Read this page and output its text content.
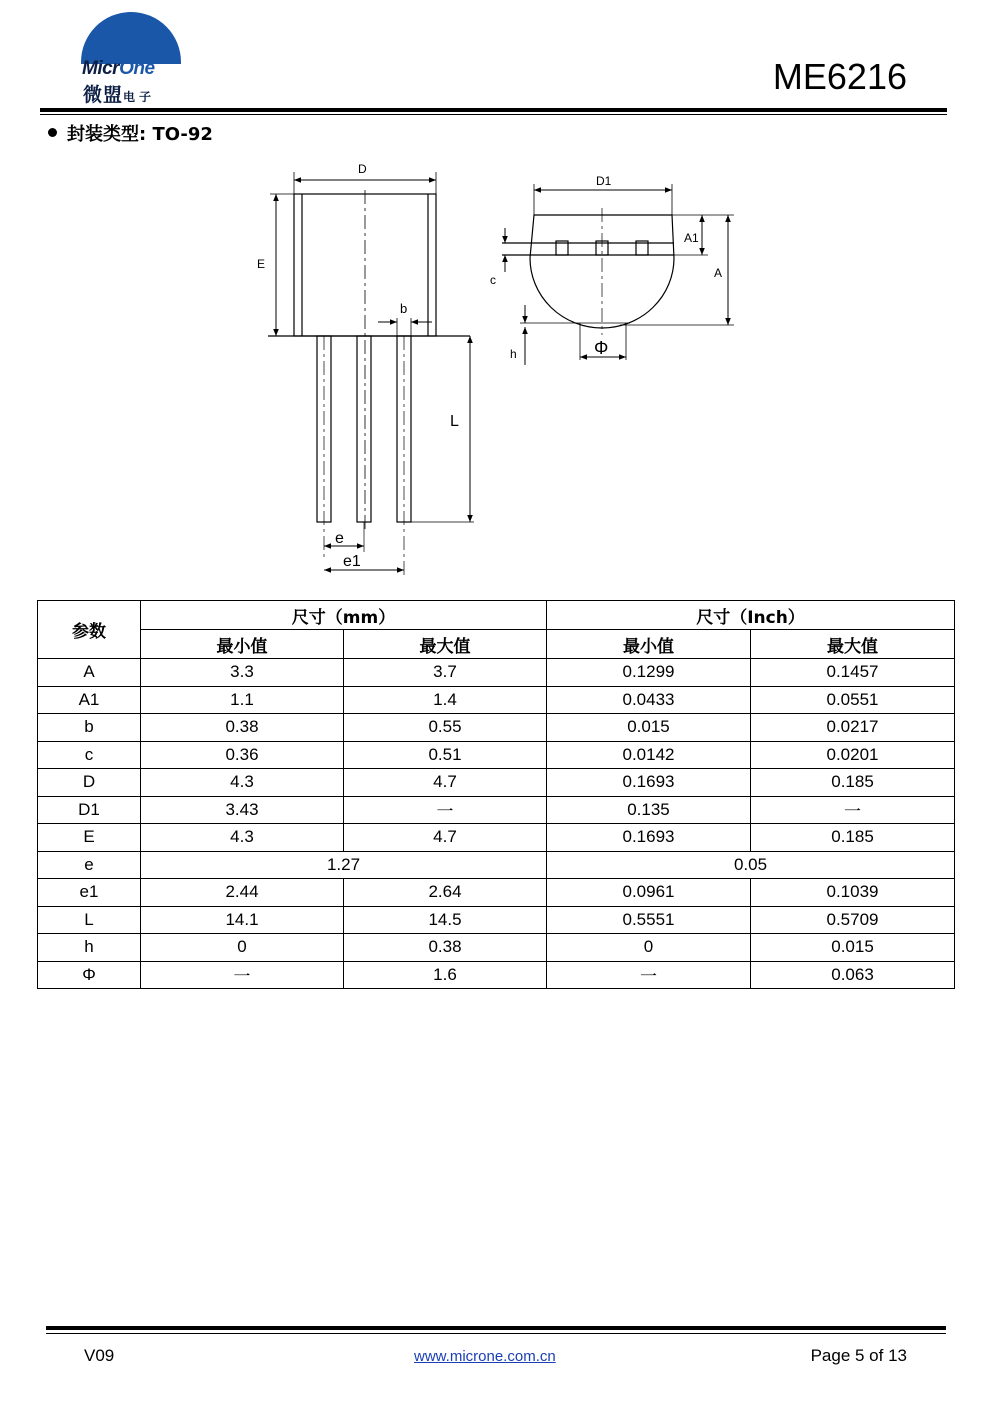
MicrOne
微盟电子	ME6216
封装类型: TO-92
D
E
b
L
e
e1
D1
A1
A
c
h	Φ
参数	尺寸（mm）		尺寸（Inch）	
	最小值	最大值	最小值	最大值
A	3.3	3.7	0.1299	0.1457
A1	1.1	1.4	0.0433	0.0551
b	0.38	0.55	0.015	0.0217
c	0.36	0.51	0.0142	0.0201
D	4.3	4.7	0.1693	0.185
D1	3.43	一	0.135	一
E	4.3	4.7	0.1693	0.185
e	1.27		0.05	
e1	2.44	2.64	0.0961	0.1039
L	14.1	14.5	0.5551	0.5709
h	0	0.38	0	0.015
Φ	一	1.6	一	0.063
V09	www.microne.com.cn	Page 5 of 13
